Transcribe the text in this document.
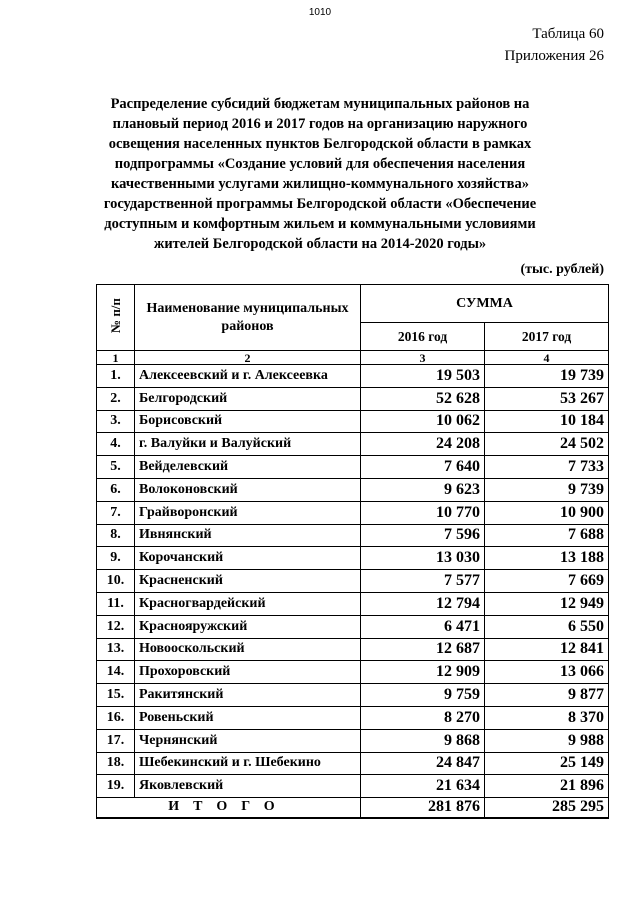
1010
Таблица 60
Приложения 26
Распределение субсидий бюджетам муниципальных районов на плановый период 2016 и 2017 годов на организацию наружного освещения населенных пунктов Белгородской области в рамках подпрограммы «Создание условий для обеспечения населения качественными услугами жилищно-коммунального хозяйства» государственной программы Белгородской области «Обеспечение доступным и комфортным жильем и коммунальными условиями жителей Белгородской области на 2014-2020 годы»
(тыс. рублей)
№ п/п	Наименование муниципальных районов	СУММА	
		2016 год	2017 год
1	2	3	4
1.	Алексеевский и г. Алексеевка	19 503	19 739
2.	Белгородский	52 628	53 267
3.	Борисовский	10 062	10 184
4.	г. Валуйки и Валуйский	24 208	24 502
5.	Вейделевский	7 640	7 733
6.	Волоконовский	9 623	9 739
7.	Грайворонский	10 770	10 900
8.	Ивнянский	7 596	7 688
9.	Корочанский	13 030	13 188
10.	Красненский	7 577	7 669
11.	Красногвардейский	12 794	12 949
12.	Краснояружский	6 471	6 550
13.	Новооскольский	12 687	12 841
14.	Прохоровский	12 909	13 066
15.	Ракитянский	9 759	9 877
16.	Ровеньский	8 270	8 370
17.	Чернянский	9 868	9 988
18.	Шебекинский и г. Шебекино	24 847	25 149
19.	Яковлевский	21 634	21 896
ИТОГО		281 876	285 295
